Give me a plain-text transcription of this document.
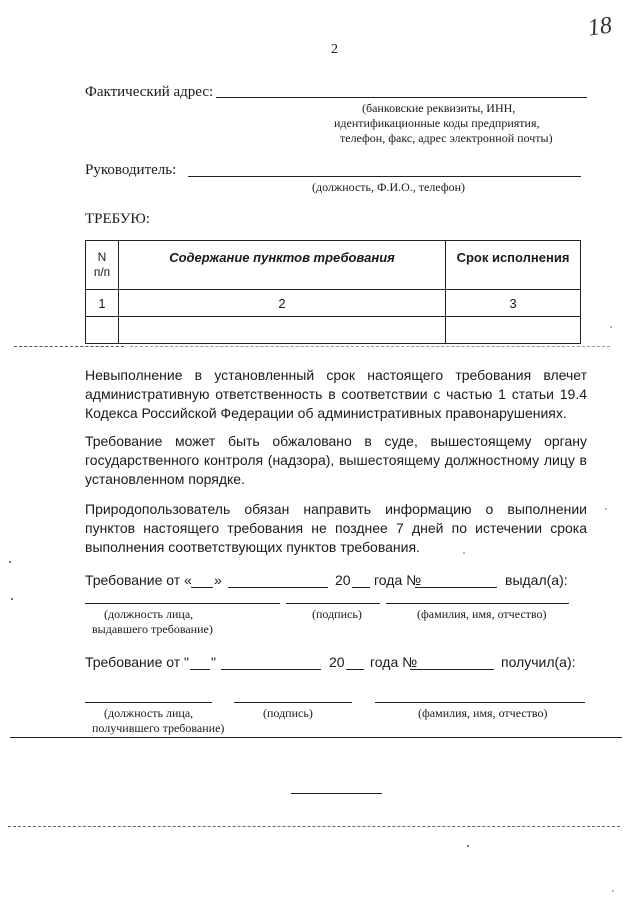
2
18
Фактический адрес:
(банковские реквизиты, ИНН,
идентификационные коды предприятия,
телефон, факс, адрес электронной почты)
Руководитель:
(должность, Ф.И.О., телефон)
ТРЕБУЮ:
N
п/п	Содержание пунктов требования	Срок исполнения
1	2	3

Невыполнение в установленный срок настоящего требования влечет административную ответственность в соответствии с частью 1 статьи 19.4 Кодекса Российской Федерации об административных правонарушениях.
Требование может быть обжаловано в суде, вышестоящему органу государственного контроля (надзора), вышестоящему должностному лицу в установленном порядке.
Природопользователь обязан направить информацию о выполнении пунктов настоящего требования не позднее 7 дней по истечении срока выполнения соответствующих пунктов требования.
Требование от « »	20 года №	выдал(а):
(должность лица,
выдавшего требование)
(подпись)	(фамилия, имя, отчество)
Требование от " "	20 года №	получил(а):
(должность лица,
получившего требование)
(подпись)	(фамилия, имя, отчество)
